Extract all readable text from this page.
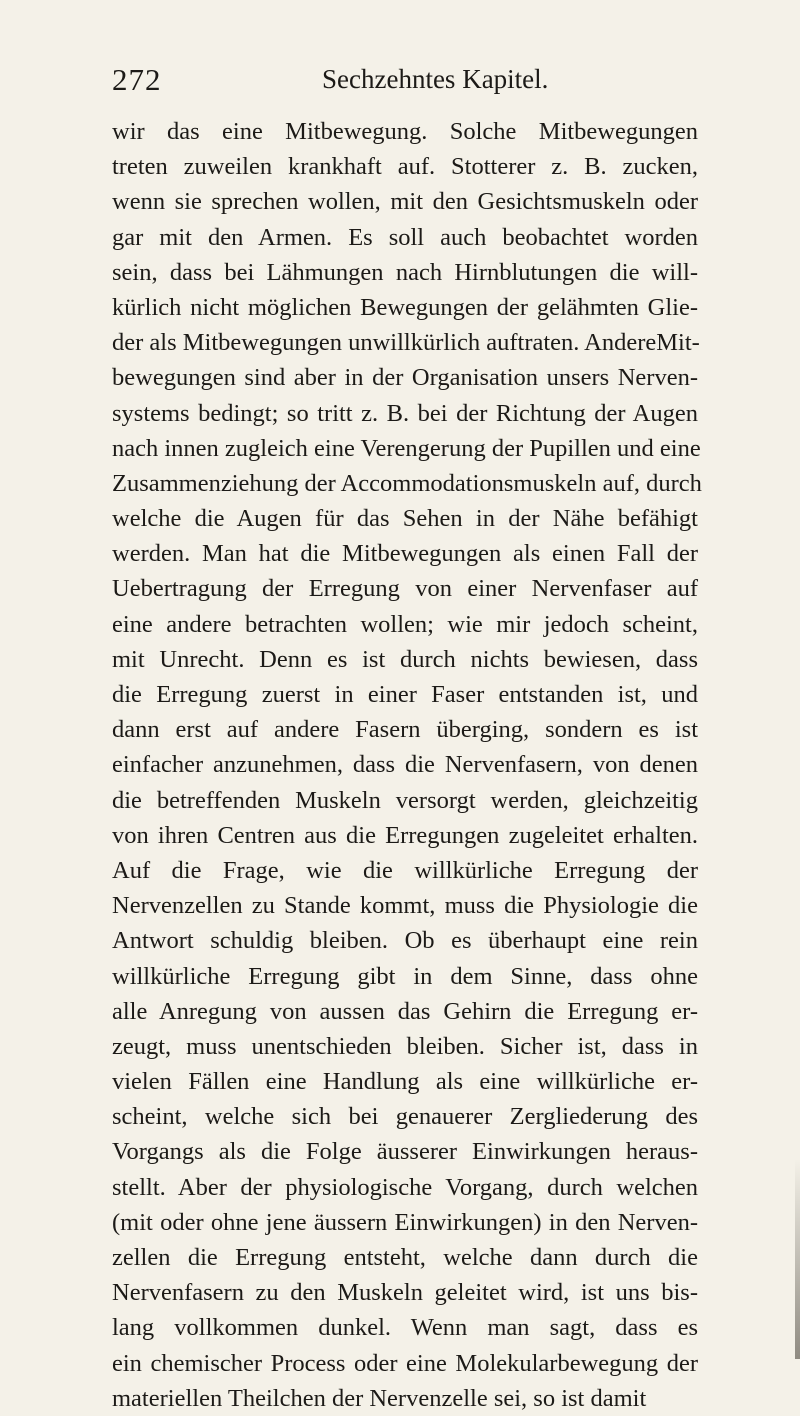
272	Sechzehntes Kapitel.
wir das eine Mitbewegung. Solche Mitbewegungen
treten zuweilen krankhaft auf. Stotterer z. B. zucken,
wenn sie sprechen wollen, mit den Gesichtsmuskeln oder
gar mit den Armen. Es soll auch beobachtet worden
sein, dass bei Lähmungen nach Hirnblutungen die will-
kürlich nicht möglichen Bewegungen der gelähmten Glie-
der als Mitbewegungen unwillkürlich auftraten. AndereMit-
bewegungen sind aber in der Organisation unsers Nerven-
systems bedingt; so tritt z. B. bei der Richtung der Augen
nach innen zugleich eine Verengerung der Pupillen und eine
Zusammenziehung der Accommodationsmuskeln auf, durch
welche die Augen für das Sehen in der Nähe befähigt
werden. Man hat die Mitbewegungen als einen Fall der
Uebertragung der Erregung von einer Nervenfaser auf
eine andere betrachten wollen; wie mir jedoch scheint,
mit Unrecht. Denn es ist durch nichts bewiesen, dass
die Erregung zuerst in einer Faser entstanden ist, und
dann erst auf andere Fasern überging, sondern es ist
einfacher anzunehmen, dass die Nervenfasern, von denen
die betreffenden Muskeln versorgt werden, gleichzeitig
von ihren Centren aus die Erregungen zugeleitet erhalten.
Auf die Frage, wie die willkürliche Erregung der
Nervenzellen zu Stande kommt, muss die Physiologie die
Antwort schuldig bleiben. Ob es überhaupt eine rein
willkürliche Erregung gibt in dem Sinne, dass ohne
alle Anregung von aussen das Gehirn die Erregung er-
zeugt, muss unentschieden bleiben. Sicher ist, dass in
vielen Fällen eine Handlung als eine willkürliche er-
scheint, welche sich bei genauerer Zergliederung des
Vorgangs als die Folge äusserer Einwirkungen heraus-
stellt. Aber der physiologische Vorgang, durch welchen
(mit oder ohne jene äussern Einwirkungen) in den Nerven-
zellen die Erregung entsteht, welche dann durch die
Nervenfasern zu den Muskeln geleitet wird, ist uns bis-
lang vollkommen dunkel. Wenn man sagt, dass es
ein chemischer Process oder eine Molekularbewegung der
materiellen Theilchen der Nervenzelle sei, so ist damit
